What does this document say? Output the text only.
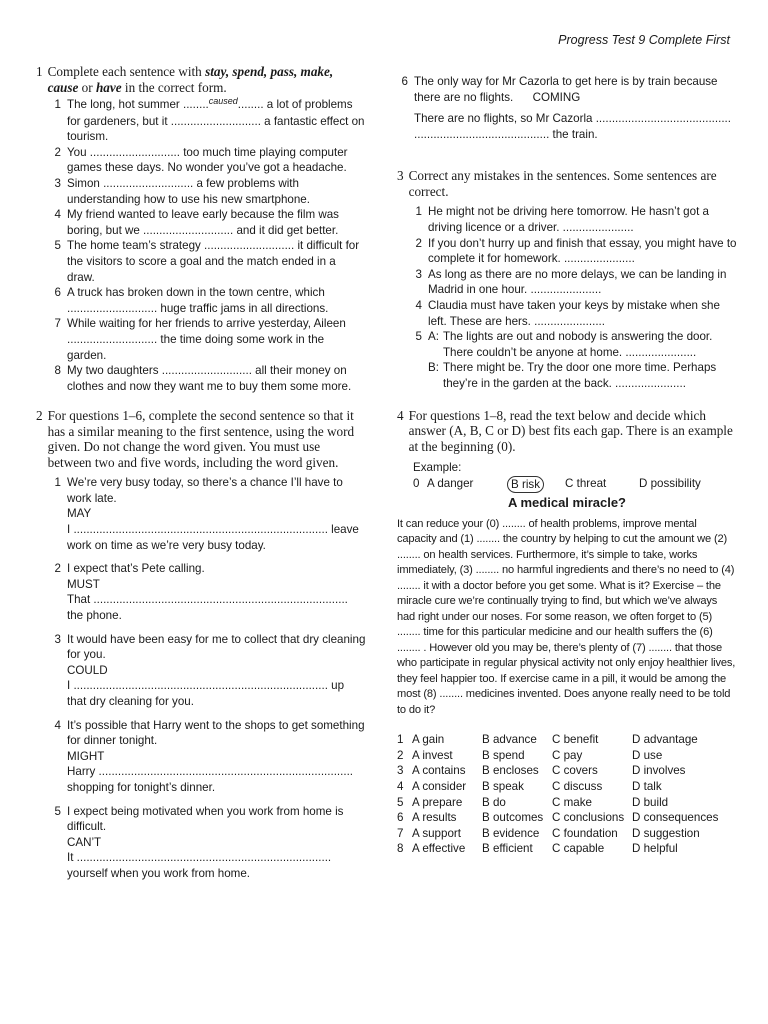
Progress Test 9 Complete First
1 Complete each sentence with stay, spend, pass, make, cause or have in the correct form.
1 The long, hot summer ........$^{caused}$........ a lot of problems for gardeners, but it ............................ a fantastic effect on tourism.
2 You ............................ too much time playing computer games these days. No wonder you’ve got a headache.
3 Simon ............................ a few problems with understanding how to use his new smartphone.
4 My friend wanted to leave early because the film was boring, but we ............................ and it did get better.
5 The home team’s strategy ............................ it difficult for the visitors to score a goal and the match ended in a draw.
6 A truck has broken down in the town centre, which ............................ huge traffic jams in all directions.
7 While waiting for her friends to arrive yesterday, Aileen ............................ the time doing some work in the garden.
8 My two daughters ............................ all their money on clothes and now they want me to buy them some more.
2 For questions 1–6, complete the second sentence so that it has a similar meaning to the first sentence, using the word given. Do not change the word given. You must use between two and five words, including the word given.
1 We’re very busy today, so there’s a chance I’ll have to work late.
MAY
I ............................................................................... leave work on time as we’re very busy today.
2 I expect that’s Pete calling.
MUST
That ............................................................................... the phone.
3 It would have been easy for me to collect that dry cleaning for you.
COULD
I ............................................................................... up that dry cleaning for you.
4 It’s possible that Harry went to the shops to get something for dinner tonight.
MIGHT
Harry ............................................................................... shopping for tonight’s dinner.
5 I expect being motivated when you work from home is difficult.
CAN’T
It ............................................................................... yourself when you work from home.
6 The only way for Mr Cazorla to get here is by train because there are no flights. COMING
There are no flights, so Mr Cazorla .......................................... .......................................... the train.
3 Correct any mistakes in the sentences. Some sentences are correct.
1 He might not be driving here tomorrow. He hasn’t got a driving licence or a driver. ......................
2 If you don’t hurry up and finish that essay, you might have to complete it for homework. ......................
3 As long as there are no more delays, we can be landing in Madrid in one hour. ......................
4 Claudia must have taken your keys by mistake when she left. These are hers. ......................
5 A: The lights are out and nobody is answering the door. There couldn’t be anyone at home. ......................
B: There might be. Try the door one more time. Perhaps they’re in the garden at the back. ......................
4 For questions 1–8, read the text below and decide which answer (A, B, C or D) best fits each gap. There is an example at the beginning (0).
Example:
0 A danger	B risk	C threat	D possibility
A medical miracle?
It can reduce your (0) ........ of health problems, improve mental capacity and (1) ........ the country by helping to cut the amount we (2) ........ on health services. Furthermore, it’s simple to take, works immediately, (3) ........ no harmful ingredients and there’s no need to (4) ........ it with a doctor before you get some. What is it? Exercise – the miracle cure we’re continually trying to find, but which we’ve always had right under our noses. For some reason, we often forget to (5) ........ time for this particular medicine and our health suffers the (6) ........ . However old you may be, there’s plenty of (7) ........ that those who participate in regular physical activity not only enjoy healthier lives, they feel happier too. If exercise came in a pill, it would be among the most (8) ........ medicines invented. Does anyone really need to be told to do it?
1 A gain	B advance	C benefit	D advantage
2 A invest	B spend	C pay	D use
3 A contains	B encloses	C covers	D involves
4 A consider	B speak	C discuss	D talk
5 A prepare	B do	C make	D build
6 A results	B outcomes C conclusions D consequences
7 A support	B evidence	C foundation	D suggestion
8 A effective	B efficient	C capable	D helpful
